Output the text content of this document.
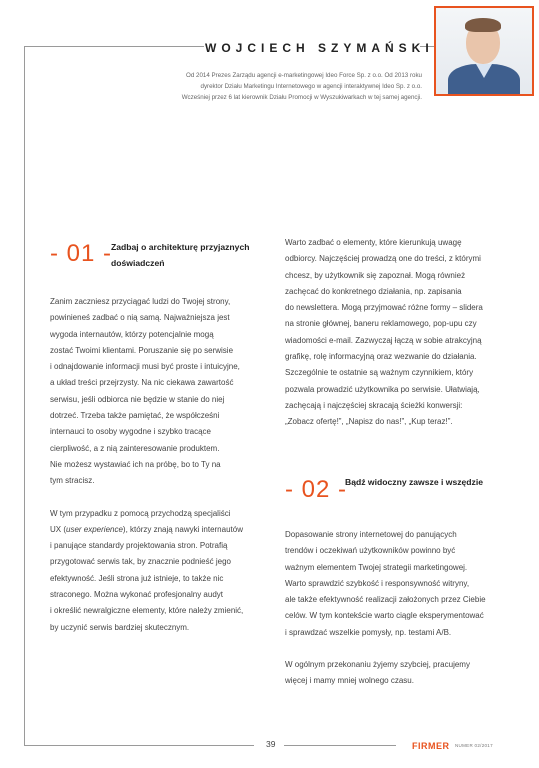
WOJCIECH SZYMAŃSKI
Od 2014 Prezes Zarządu agencji e-marketingowej Ideo Force Sp. z o.o. Od 2013 roku
dyrektor Działu Marketingu Internetowego w agencji interaktywnej Ideo Sp. z o.o.
Wcześniej przez 6 lat kierownik Działu Promocji w Wyszukiwarkach w tej samej agencji.
- 01 -
Zadbaj o architekturę przyjaznych
doświadczeń

Zanim zaczniesz przyciągać ludzi do Twojej strony,
powinieneś zadbać o nią samą. Najważniejsza jest
wygoda internautów, którzy potencjalnie mogą
zostać Twoimi klientami. Poruszanie się po serwisie
i odnajdowanie informacji musi być proste i intuicyjne,
a układ treści przejrzysty. Na nic ciekawa zawartość
serwisu, jeśli odbiorca nie będzie w stanie do niej
dotrzeć. Trzeba także pamiętać, że współcześni
internauci to osoby wygodne i szybko tracące
cierpliwość, a z nią zainteresowanie produktem.
Nie możesz wystawiać ich na próbę, bo to Ty na
tym stracisz.

W tym przypadku z pomocą przychodzą specjaliści
UX (user experience), którzy znają nawyki internautów
i panujące standardy projektowania stron. Potrafią
przygotować serwis tak, by znacznie podnieść jego
efektywność. Jeśli strona już istnieje, to także nic
straconego. Można wykonać profesjonalny audyt
i określić newralgiczne elementy, które należy zmienić,
by uczynić serwis bardziej skutecznym.

Warto zadbać o elementy, które kierunkują uwagę
odbiorcy. Najczęściej prowadzą one do treści, z którymi
chcesz, by użytkownik się zapoznał. Mogą również
zachęcać do konkretnego działania, np. zapisania
do newslettera. Mogą przyjmować różne formy – slidera
na stronie głównej, baneru reklamowego, pop-upu czy
wiadomości e-mail. Zazwyczaj łączą w sobie atrakcyjną
grafikę, rolę informacyjną oraz wezwanie do działania.
Szczególnie te ostatnie są ważnym czynnikiem, który
pozwala prowadzić użytkownika po serwisie. Ułatwiają,
zachęcają i najczęściej skracają ścieżki konwersji:
„Zobacz ofertę!”, „Napisz do nas!”, „Kup teraz!”.

- 02 -
Bądź widoczny zawsze i wszędzie

Dopasowanie strony internetowej do panujących
trendów i oczekiwań użytkowników powinno być
ważnym elementem Twojej strategii marketingowej.
Warto sprawdzić szybkość i responsywność witryny,
ale także efektywność realizacji założonych przez Ciebie
celów. W tym kontekście warto ciągle eksperymentować
i sprawdzać wszelkie pomysły, np. testami A/B.

W ogólnym przekonaniu żyjemy szybciej, pracujemy
więcej i mamy mniej wolnego czasu.

39	FIRMER NUMER 02/2017
